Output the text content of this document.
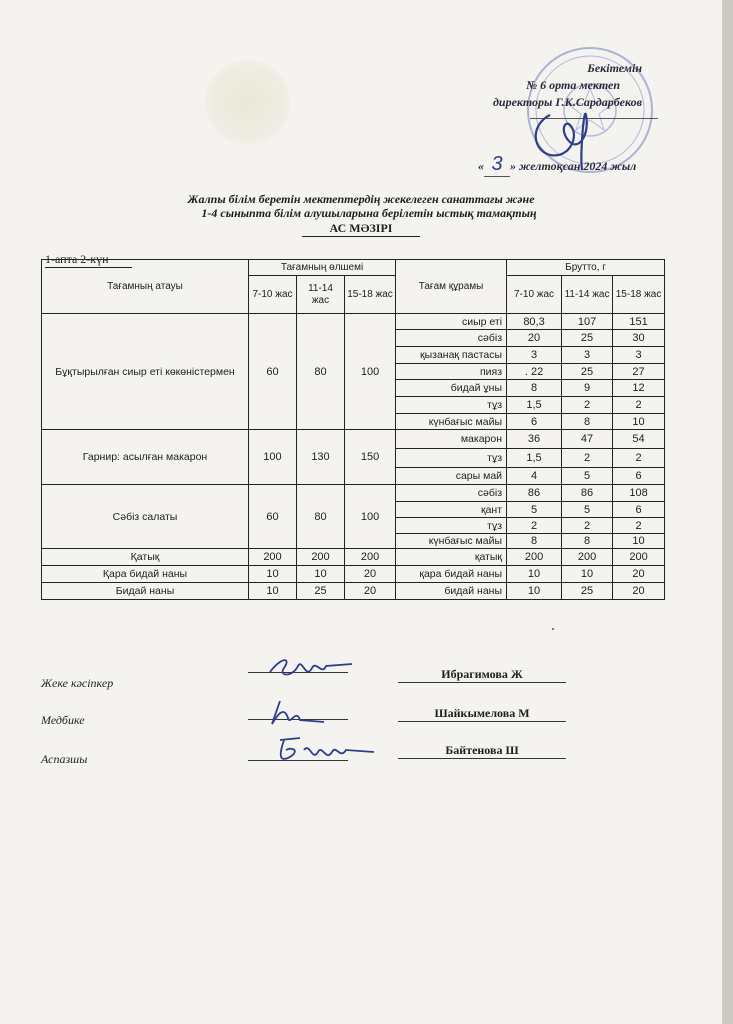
Бекітемін
№ 6 орта мектеп
директоры Г.К.Сардарбеков
« 3 » желтоқсан 2024 жыл
Жалпы білім беретін мектептердің жекелеген санаттағы және
1-4 сыныпта білім алушыларына берілетін ыстық тамақтың
АС МӘЗІРІ
1-апта 2-күн
Тағамның атауы	Тағамның өлшемі			Тағам құрамы	Брутто, г		
	7-10 жас	11-14 жас	15-18 жас		7-10 жас	11-14 жас	15-18 жас
Бұқтырылған сиыр еті көкөністермен	60	80	100	сиыр еті	80,3	107	151
				сәбіз	20	25	30
				қызанақ пастасы	3	3	3
				пияз	. 22	25	27
				бидай ұны	8	9	12
				тұз	1,5	2	2
				күнбағыс майы	6	8	10
Гарнир: асылған макарон	100	130	150	макарон	36	47	54
				тұз	1,5	2	2
				сары май	4	5	6
Сәбіз салаты	60	80	100	сәбіз	86	86	108
				қант	5	5	6
				тұз	2	2	2
				күнбағыс майы	8	8	10
Қатық	200	200	200	қатық	200	200	200
Қара бидай наны	10	10	20	қара бидай наны	10	10	20
Бидай наны	10	25	20	бидай наны	10	25	20
Жеке кәсіпкер
Ибрагимова Ж
Медбике	Шайкымелова М
Аспазшы
Байтенова Ш
